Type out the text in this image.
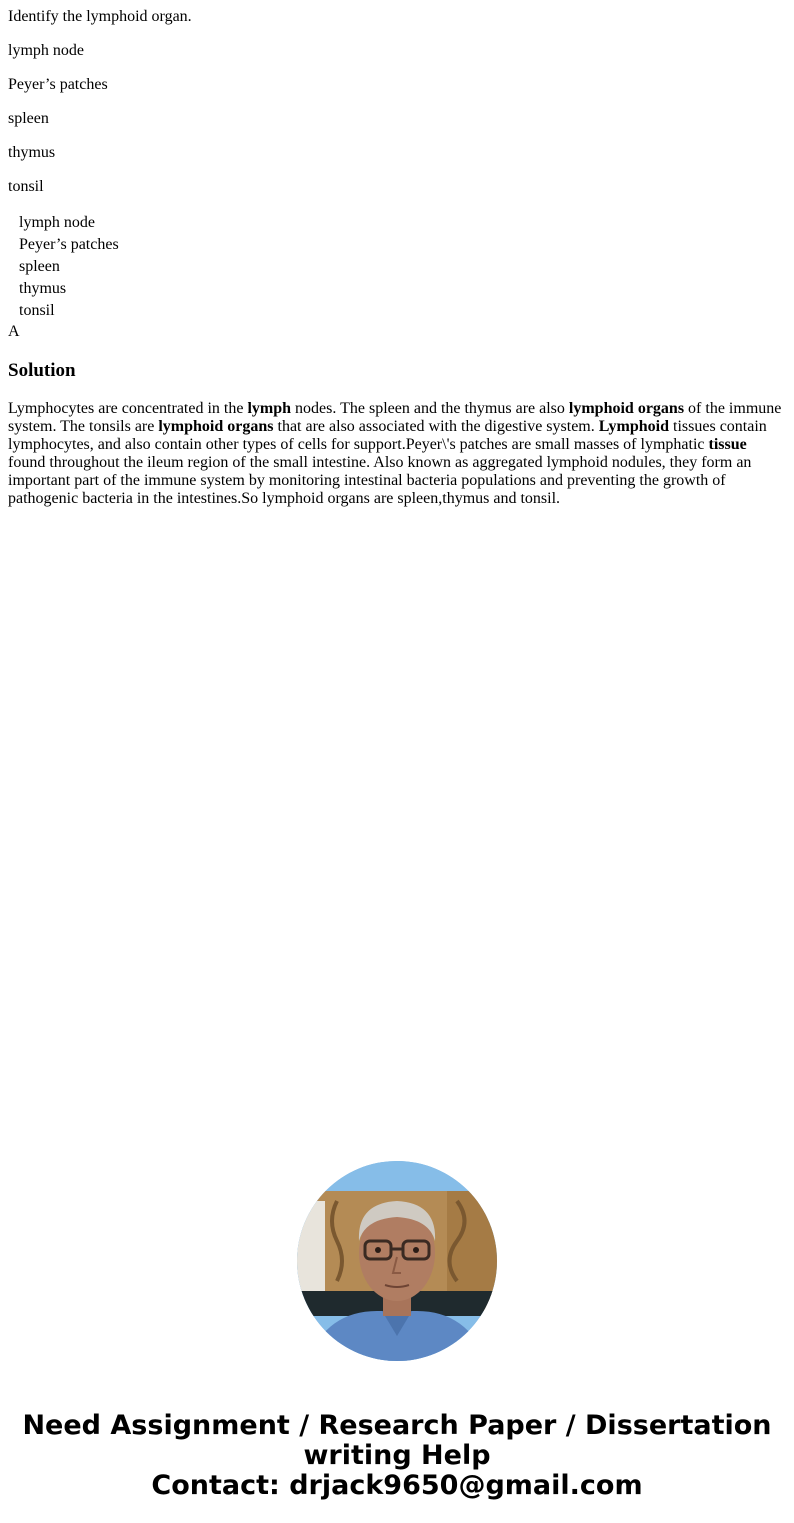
Identify the lymphoid organ.

lymph node

Peyer’s patches

spleen

thymus

tonsil

lymph node
Peyer’s patches
spleen
thymus
tonsil
A
Solution

Lymphocytes are concentrated in the lymph nodes. The spleen and the thymus are also lymphoid organs of the immune system. The tonsils are lymphoid organs that are also associated with the digestive system. Lymphoid tissues contain lymphocytes, and also contain other types of cells for support.Peyer\'s patches are small masses of lymphatic tissue found throughout the ileum region of the small intestine. Also known as aggregated lymphoid nodules, they form an important part of the immune system by monitoring intestinal bacteria populations and preventing the growth of pathogenic bacteria in the intestines.So lymphoid organs are spleen,thymus and tonsil.

Need Assignment / Research Paper / Dissertation
writing Help
Contact: drjack9650@gmail.com
